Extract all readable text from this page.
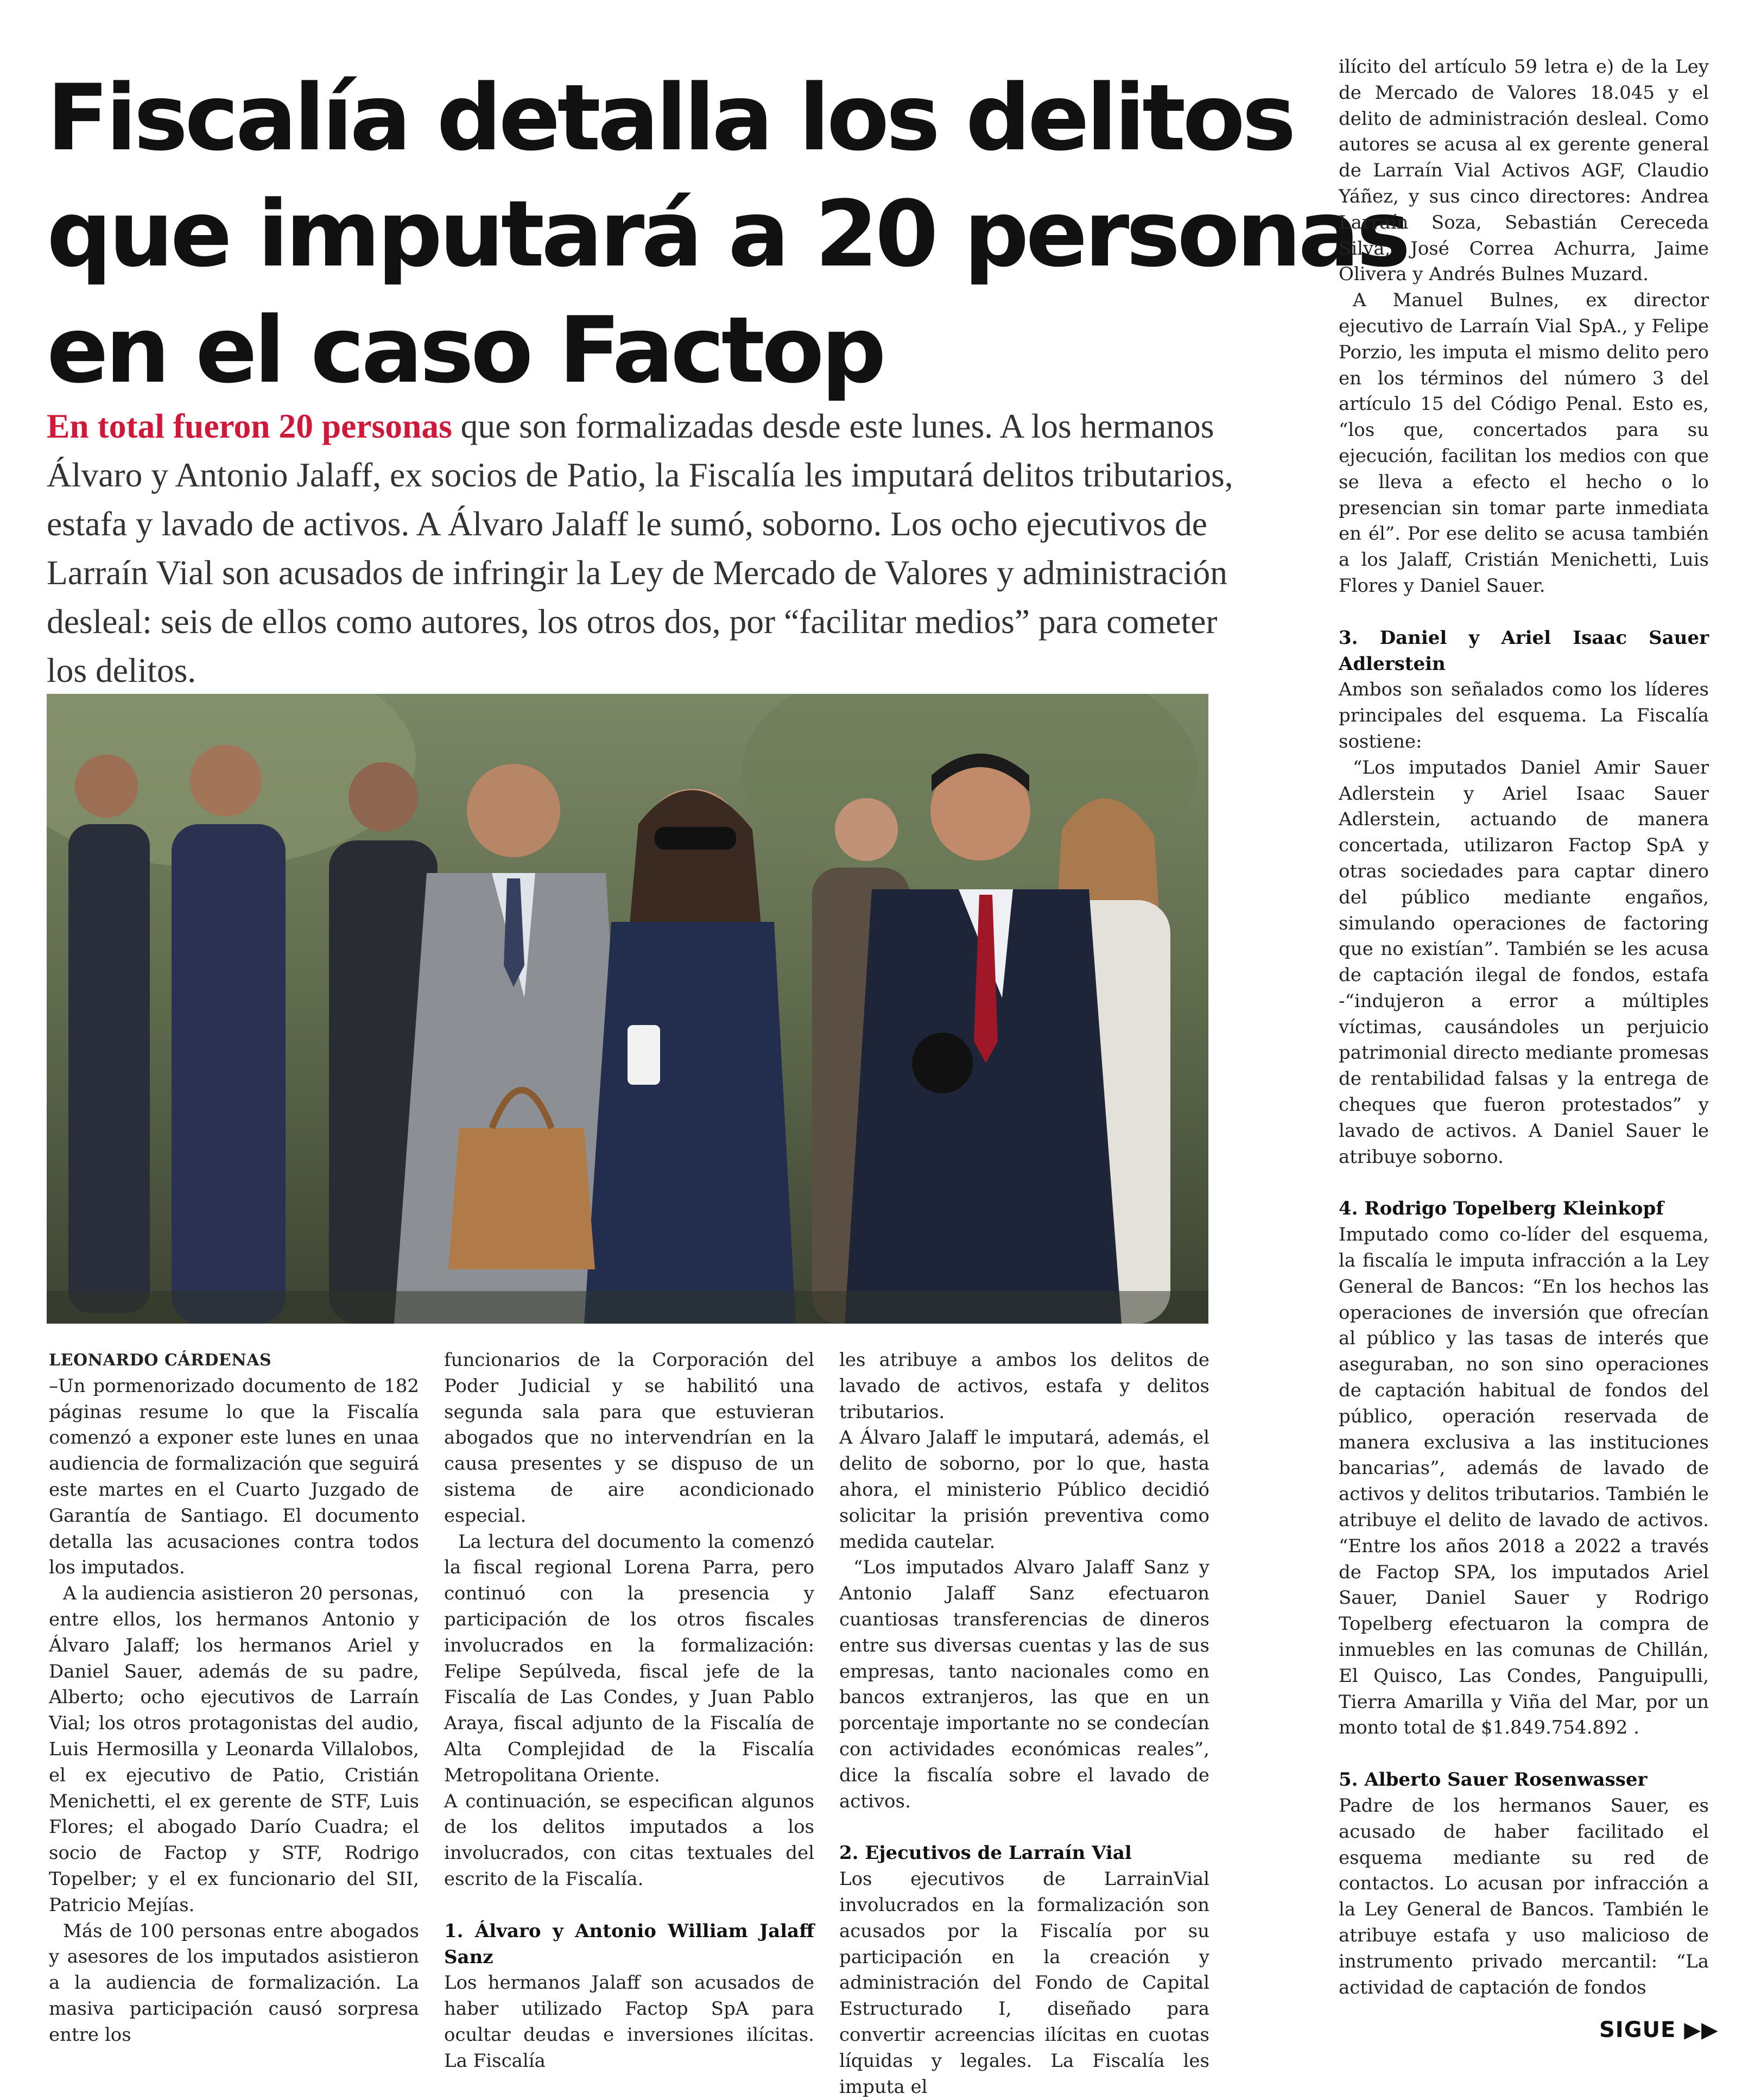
Fiscalía detalla los delitos
que imputará a 20 personas
en el caso Factop
En total fueron 20 personas que son formalizadas desde este lunes. A los hermanos Álvaro y Antonio Jalaff, ex socios de Patio, la Fiscalía les imputará delitos tributarios, estafa y lavado de activos. A Álvaro Jalaff le sumó, soborno. Los ocho ejecutivos de Larraín Vial son acusados de infringir la Ley de Mercado de Valores y administración desleal: seis de ellos como autores, los otros dos, por “facilitar medios” para cometer los delitos.

LEONARDO CÁRDENAS

–Un pormenorizado documento de 182 páginas resume lo que la Fiscalía comenzó a exponer este lunes en unaa audiencia de formalización que seguirá este martes en el Cuarto Juzgado de Garantía de Santiago. El documento detalla las acusaciones contra todos los imputados.

A la audiencia asistieron 20 personas, entre ellos, los hermanos Antonio y Álvaro Jalaff; los hermanos Ariel y Daniel Sauer, además de su padre, Alberto; ocho ejecutivos de Larraín Vial; los otros protagonistas del audio, Luis Hermosilla y Leonarda Villalobos, el ex ejecutivo de Patio, Cristián Menichetti, el ex gerente de STF, Luis Flores; el abogado Darío Cuadra; el socio de Factop y STF, Rodrigo Topelber; y el ex funcionario del SII, Patricio Mejías.

Más de 100 personas entre abogados y asesores de los imputados asistieron a la audiencia de formalización. La masiva participación causó sorpresa entre los

funcionarios de la Corporación del Poder Judicial y se habilitó una segunda sala para que estuvieran abogados que no intervendrían en la causa presentes y se dispuso de un sistema de aire acondicionado especial.

La lectura del documento la comenzó la fiscal regional Lorena Parra, pero continuó con la presencia y participación de los otros fiscales involucrados en la formalización: Felipe Sepúlveda, fiscal jefe de la Fiscalía de Las Condes, y Juan Pablo Araya, fiscal adjunto de la Fiscalía de Alta Complejidad de la Fiscalía Metropolitana Oriente.

A continuación, se especifican algunos de los delitos imputados a los involucrados, con citas textuales del escrito de la Fiscalía.

1. Álvaro y Antonio William Jalaff Sanz

Los hermanos Jalaff son acusados de haber utilizado Factop SpA para ocultar deudas e inversiones ilícitas. La Fiscalía

les atribuye a ambos los delitos de lavado de activos, estafa y delitos tributarios.

A Álvaro Jalaff le imputará, además, el delito de soborno, por lo que, hasta ahora, el ministerio Público decidió solicitar la prisión preventiva como medida cautelar.

“Los imputados Alvaro Jalaff Sanz y Antonio Jalaff Sanz efectuaron cuantiosas transferencias de dineros entre sus diversas cuentas y las de sus empresas, tanto nacionales como en bancos extranjeros, las que en un porcentaje importante no se condecían con actividades económicas reales”, dice la fiscalía sobre el lavado de activos.

2. Ejecutivos de Larraín Vial

Los ejecutivos de LarrainVial involucrados en la formalización son acusados por la Fiscalía por su participación en la creación y administración del Fondo de Capital Estructurado I, diseñado para convertir acreencias ilícitas en cuotas líquidas y legales. La Fiscalía les imputa el

ilícito del artículo 59 letra e) de la Ley de Mercado de Valores 18.045 y el delito de administración desleal. Como autores se acusa al ex gerente general de Larraín Vial Activos AGF, Claudio Yáñez, y sus cinco directores: Andrea Larraín Soza, Sebastián Cereceda Silva, José Correa Achurra, Jaime Olivera y Andrés Bulnes Muzard.

A Manuel Bulnes, ex director ejecutivo de Larraín Vial SpA., y Felipe Porzio, les imputa el mismo delito pero en los términos del número 3 del artículo 15 del Código Penal. Esto es, “los que, concertados para su ejecución, facilitan los medios con que se lleva a efecto el hecho o lo presencian sin tomar parte inmediata en él”. Por ese delito se acusa también a los Jalaff, Cristián Menichetti, Luis Flores y Daniel Sauer.

3. Daniel y Ariel Isaac Sauer Adlerstein

Ambos son señalados como los líderes principales del esquema. La Fiscalía sostiene:

“Los imputados Daniel Amir Sauer Adlerstein y Ariel Isaac Sauer Adlerstein, actuando de manera concertada, utilizaron Factop SpA y otras sociedades para captar dinero del público mediante engaños, simulando operaciones de factoring que no existían”. También se les acusa de captación ilegal de fondos, estafa -“indujeron a error a múltiples víctimas, causándoles un perjuicio patrimonial directo mediante promesas de rentabilidad falsas y la entrega de cheques que fueron protestados” y lavado de activos. A Daniel Sauer le atribuye soborno.

4. Rodrigo Topelberg Kleinkopf

Imputado como co-líder del esquema, la fiscalía le imputa infracción a la Ley General de Bancos: “En los hechos las operaciones de inversión que ofrecían al público y las tasas de interés que aseguraban, no son sino operaciones de captación habitual de fondos del público, operación reservada de manera exclusiva a las instituciones bancarias”, además de lavado de activos y delitos tributarios. También le atribuye el delito de lavado de activos. “Entre los años 2018 a 2022 a través de Factop SPA, los imputados Ariel Sauer, Daniel Sauer y Rodrigo Topelberg efectuaron la compra de inmuebles en las comunas de Chillán, El Quisco, Las Condes, Panguipulli, Tierra Amarilla y Viña del Mar, por un monto total de $1.849.754.892 .

5. Alberto Sauer Rosenwasser

Padre de los hermanos Sauer, es acusado de haber facilitado el esquema mediante su red de contactos. Lo acusan por infracción a la Ley General de Bancos. También le atribuye estafa y uso malicioso de instrumento privado mercantil: “La actividad de captación de fondos

SIGUE ▶▶
